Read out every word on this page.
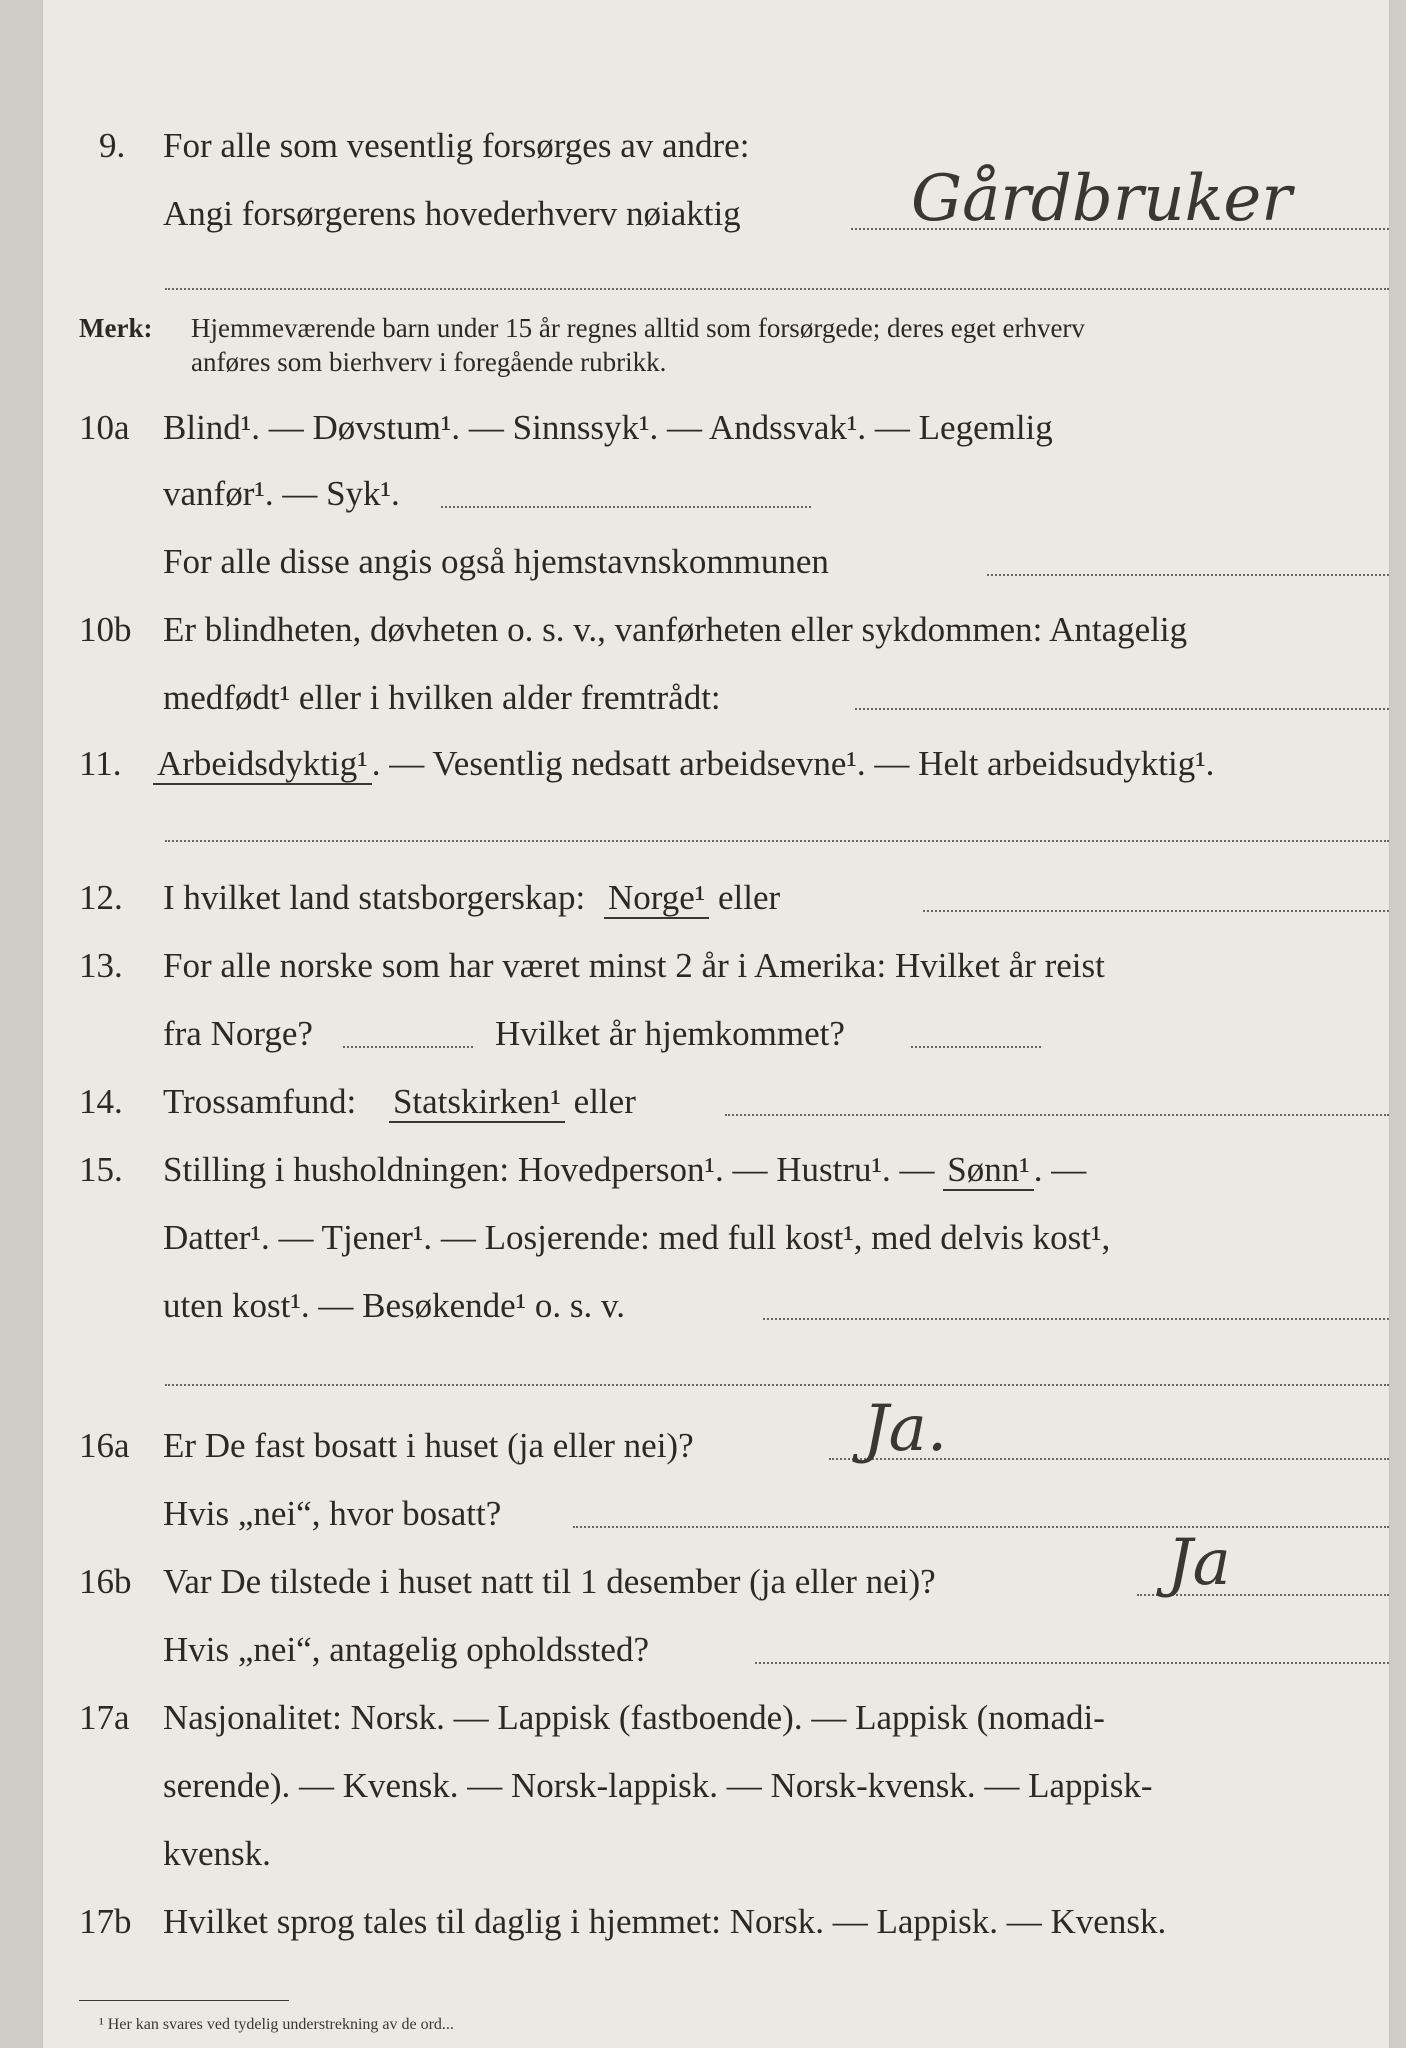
9. For alle som vesentlig forsørges av andre:
Angi forsørgerens hovederhverv nøiaktig	Gårdbruker
Merk: Hjemmeværende barn under 15 år regnes alltid som forsørgede; deres eget erhverv
anføres som bierhverv i foregående rubrikk.
10a Blind¹. — Døvstum¹. — Sinnssyk¹. — Andssvak¹. — Legemlig
vanfør¹. — Syk¹.
For alle disse angis også hjemstavnskommunen
10b Er blindheten, døvheten o. s. v., vanførheten eller sykdommen: Antagelig
medfødt¹ eller i hvilken alder fremtrådt:
11. Arbeidsdyktig¹ . — Vesentlig nedsatt arbeidsevne¹. — Helt arbeidsudyktig¹.
12. I hvilket land statsborgerskap: Norge¹ eller
13. For alle norske som har været minst 2 år i Amerika: Hvilket år reist
fra Norge?	Hvilket år hjemkommet?
14. Trossamfund: Statskirken¹ eller
15. Stilling i husholdningen: Hovedperson¹. — Hustru¹. — Sønn¹ . —
Datter¹. — Tjener¹. — Losjerende: med full kost¹, med delvis kost¹,
uten kost¹. — Besøkende¹ o. s. v.
16a Er De fast bosatt i huset (ja eller nei)?	Ja.
Hvis „nei“, hvor bosatt?
16b Var De tilstede i huset natt til 1 desember (ja eller nei)?	Ja
Hvis „nei“, antagelig opholdssted?
17a Nasjonalitet: Norsk. — Lappisk (fastboende). — Lappisk (nomadi-
serende). — Kvensk. — Norsk-lappisk. — Norsk-kvensk. — Lappisk-
kvensk.
17b Hvilket sprog tales til daglig i hjemmet: Norsk. — Lappisk. — Kvensk.
¹ Her kan svares ved tydelig understrekning av de ord...
